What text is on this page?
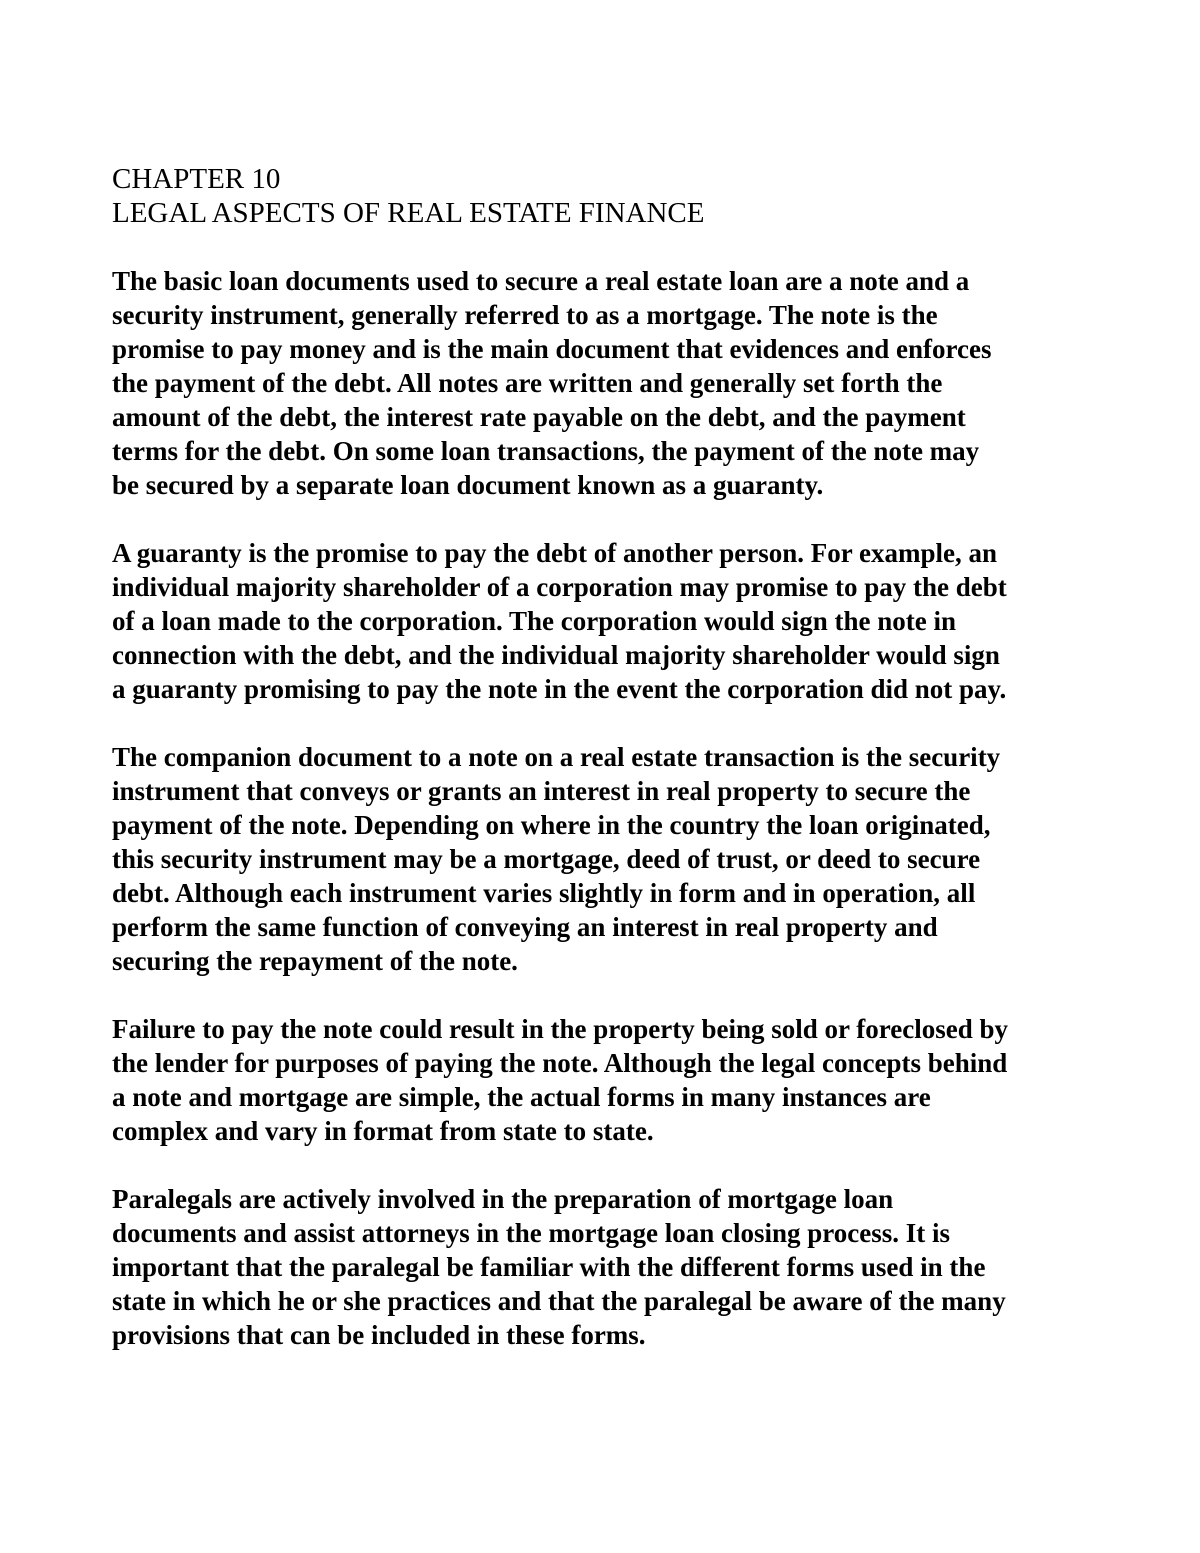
CHAPTER 10
LEGAL ASPECTS OF REAL ESTATE FINANCE
The basic loan documents used to secure a real estate loan are a note and a
security instrument, generally referred to as a mortgage. The note is the
promise to pay money and is the main document that evidences and enforces
the payment of the debt. All notes are written and generally set forth the
amount of the debt, the interest rate payable on the debt, and the payment
terms for the debt. On some loan transactions, the payment of the note may
be secured by a separate loan document known as a guaranty.
A guaranty is the promise to pay the debt of another person. For example, an
individual majority shareholder of a corporation may promise to pay the debt
of a loan made to the corporation. The corporation would sign the note in
connection with the debt, and the individual majority shareholder would sign
a guaranty promising to pay the note in the event the corporation did not pay.
The companion document to a note on a real estate transaction is the security
instrument that conveys or grants an interest in real property to secure the
payment of the note. Depending on where in the country the loan originated,
this security instrument may be a mortgage, deed of trust, or deed to secure
debt. Although each instrument varies slightly in form and in operation, all
perform the same function of conveying an interest in real property and
securing the repayment of the note.
Failure to pay the note could result in the property being sold or foreclosed by
the lender for purposes of paying the note. Although the legal concepts behind
a note and mortgage are simple, the actual forms in many instances are
complex and vary in format from state to state.
Paralegals are actively involved in the preparation of mortgage loan
documents and assist attorneys in the mortgage loan closing process. It is
important that the paralegal be familiar with the different forms used in the
state in which he or she practices and that the paralegal be aware of the many
provisions that can be included in these forms.
